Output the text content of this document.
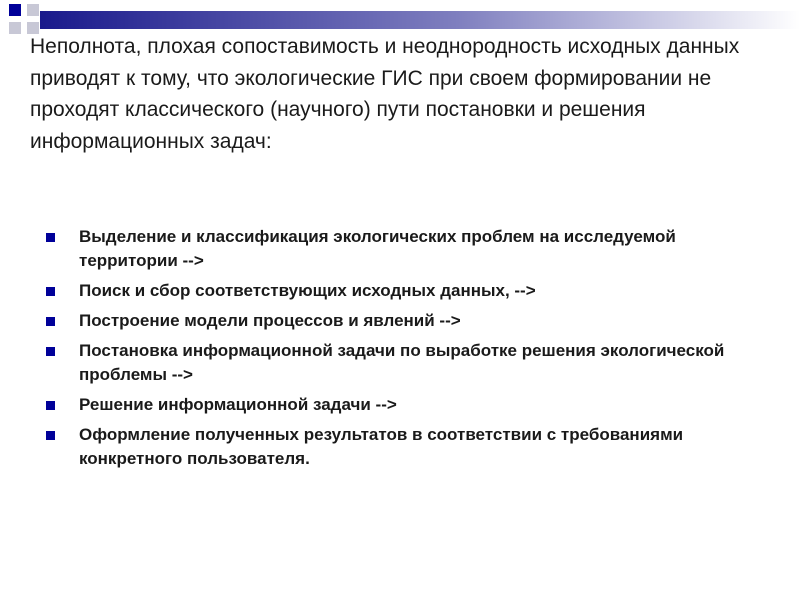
Неполнота, плохая сопоставимость и неоднородность исходных данных приводят к тому, что экологические ГИС при своем формировании не проходят классического (научного) пути постановки и решения информационных задач:

Выделение и классификация экологических проблем на исследуемой территории -->
Поиск и сбор соответствующих исходных данных, -->
Построение модели процессов и явлений -->
Постановка информационной задачи по выработке решения экологической проблемы -->
Решение информационной задачи -->
Оформление полученных результатов в соответствии с требованиями конкретного пользователя.
